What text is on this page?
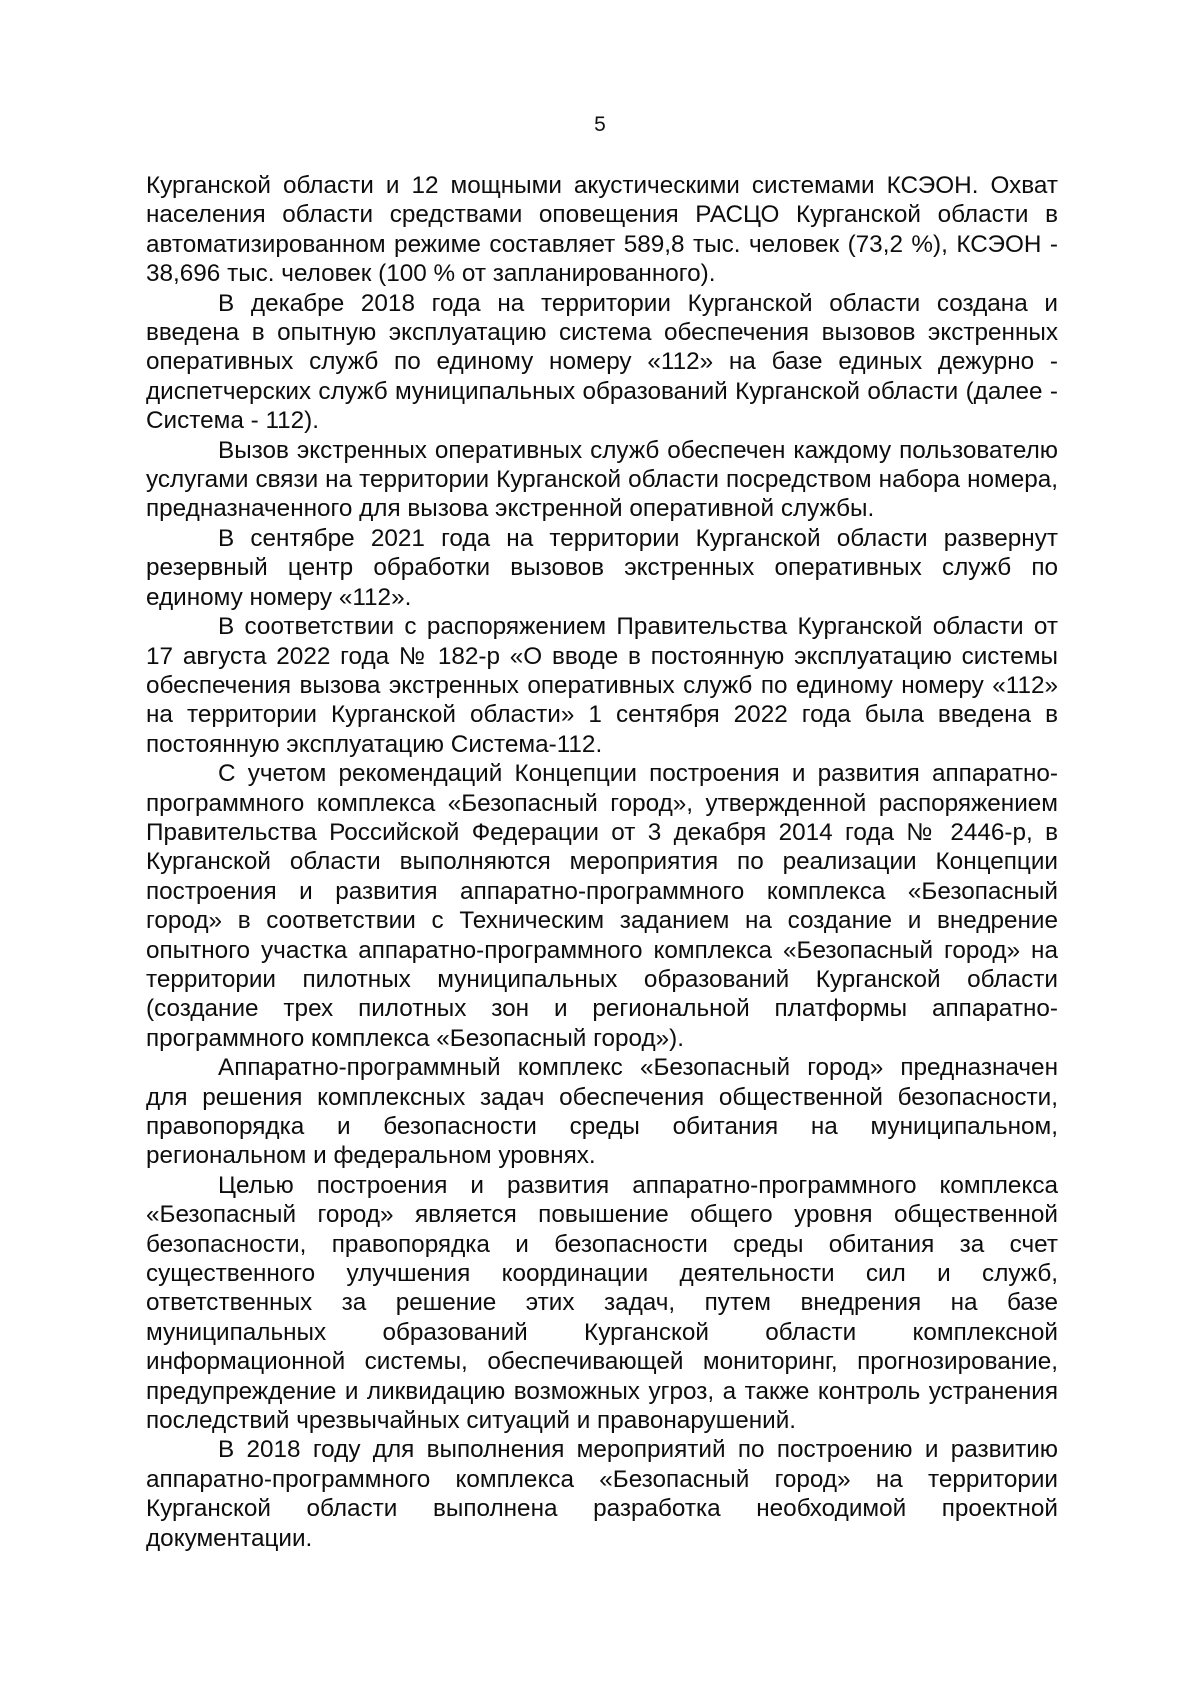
5

Курганской области и 12 мощными акустическими системами КСЭОН. Охват населения области средствами оповещения РАСЦО Курганской области в автоматизированном режиме составляет 589,8 тыс. человек (73,2 %), КСЭОН - 38,696 тыс. человек (100 % от запланированного).

В декабре 2018 года на территории Курганской области создана и введена в опытную эксплуатацию система обеспечения вызовов экстренных оперативных служб по единому номеру «112» на базе единых дежурно - диспетчерских служб муниципальных образований Курганской области (далее - Система - 112).

Вызов экстренных оперативных служб обеспечен каждому пользователю услугами связи на территории Курганской области посредством набора номера, предназначенного для вызова экстренной оперативной службы.

В сентябре 2021 года на территории Курганской области развернут резервный центр обработки вызовов экстренных оперативных служб по единому номеру «112».

В соответствии с распоряжением Правительства Курганской области от 17 августа 2022 года № 182-р «О вводе в постоянную эксплуатацию системы обеспечения вызова экстренных оперативных служб по единому номеру «112» на территории Курганской области» 1 сентября 2022 года была введена в постоянную эксплуатацию Система-112.

С учетом рекомендаций Концепции построения и развития аппаратно-программного комплекса «Безопасный город», утвержденной распоряжением Правительства Российской Федерации от 3 декабря 2014 года № 2446-р, в Курганской области выполняются мероприятия по реализации Концепции построения и развития аппаратно-программного комплекса «Безопасный город» в соответствии с Техническим заданием на создание и внедрение опытного участка аппаратно-программного комплекса «Безопасный город» на территории пилотных муниципальных образований Курганской области (создание трех пилотных зон и региональной платформы аппаратно-программного комплекса «Безопасный город»).

Аппаратно-программный комплекс «Безопасный город» предназначен для решения комплексных задач обеспечения общественной безопасности, правопорядка и безопасности среды обитания на муниципальном, региональном и федеральном уровнях.

Целью построения и развития аппаратно-программного комплекса «Безопасный город» является повышение общего уровня общественной безопасности, правопорядка и безопасности среды обитания за счет существенного улучшения координации деятельности сил и служб, ответственных за решение этих задач, путем внедрения на базе муниципальных образований Курганской области комплексной информационной системы, обеспечивающей мониторинг, прогнозирование, предупреждение и ликвидацию возможных угроз, а также контроль устранения последствий чрезвычайных ситуаций и правонарушений.

В 2018 году для выполнения мероприятий по построению и развитию аппаратно-программного комплекса «Безопасный город» на территории Курганской области выполнена разработка необходимой проектной документации.
